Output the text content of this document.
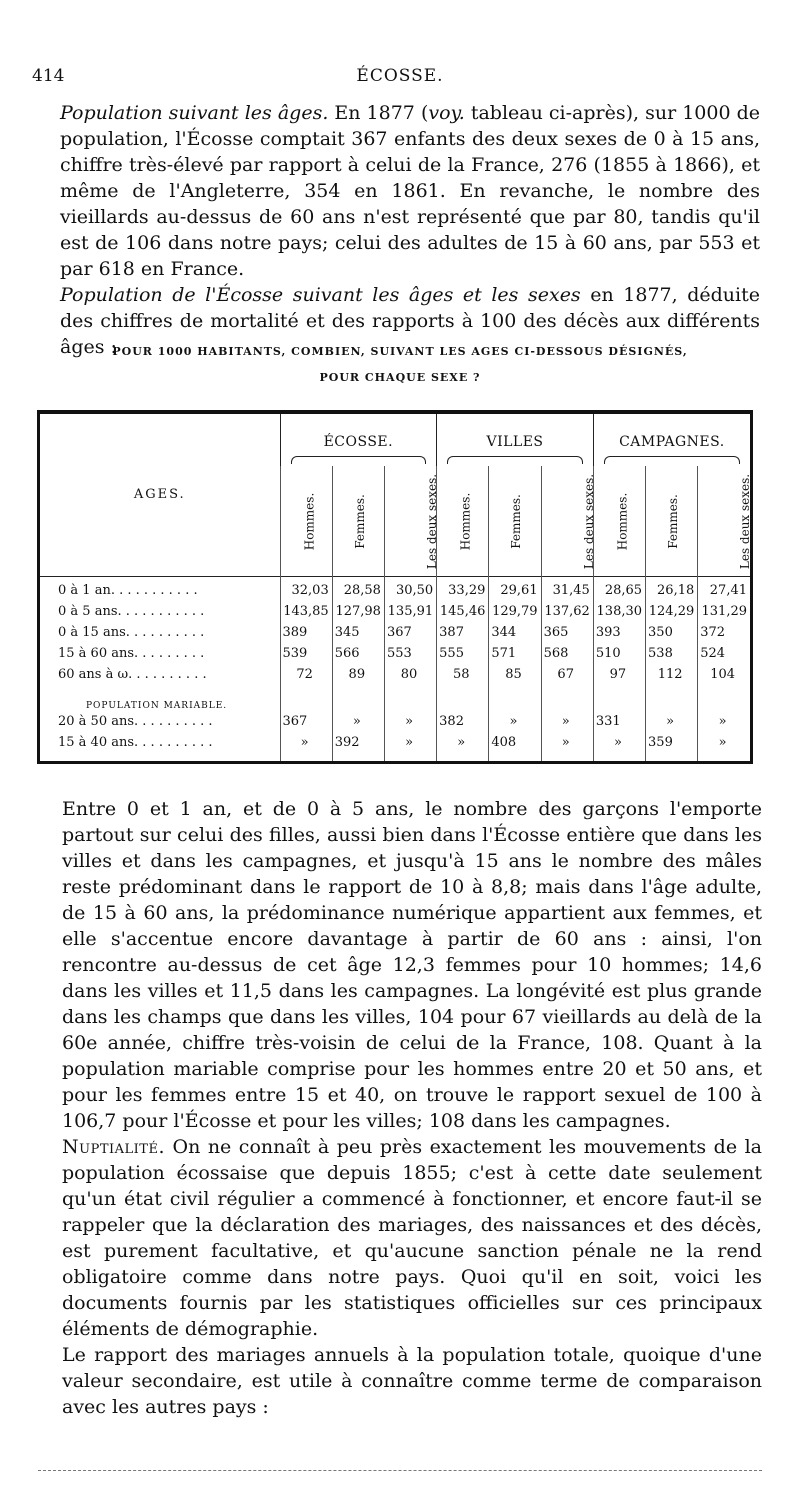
414	ÉCOSSE.

Population suivant les âges. En 1877 (voy. tableau ci-après), sur 1000 de population, l'Écosse comptait 367 enfants des deux sexes de 0 à 15 ans, chiffre très-élevé par rapport à celui de la France, 276 (1855 à 1866), et même de l'Angleterre, 354 en 1861. En revanche, le nombre des vieillards au-dessus de 60 ans n'est représenté que par 80, tandis qu'il est de 106 dans notre pays; celui des adultes de 15 à 60 ans, par 553 et par 618 en France.

Population de l'Écosse suivant les âges et les sexes en 1877, déduite des chiffres de mortalité et des rapports à 100 des décès aux différents âges :

POUR 1000 HABITANTS, COMBIEN, SUIVANT LES AGES CI-DESSOUS DÉSIGNÉS,
POUR CHAQUE SEXE ?
AGES.	ÉCOSSE.			VILLES			CAMPAGNES.		

	Hommes.	Femmes.	Les deux sexes.	Hommes.	Femmes.	Les deux sexes.	Hommes.	Femmes.	Les deux sexes.

0 à 1 an. . . . . . . . . . .	32,03	28,58	30,50	33,29	29,61	31,45	28,65	26,18	27,41
0 à 5 ans. . . . . . . . . . .	143,85	127,98	135,91	145,46	129,79	137,62	138,30	124,29	131,29
0 à 15 ans. . . . . . . . . .	389	345	367	387	344	365	393	350	372
15 à 60 ans. . . . . . . . .	539	566	553	555	571	568	510	538	524
60 ans à ω. . . . . . . . . .	72	89	80	58	85	67	97	112	104
POPULATION MARIABLE.									
20 à 50 ans. . . . . . . . . .	367	»	»	382	»	»	331	»	»
15 à 40 ans. . . . . . . . . .	»	392	»	»	408	»	»	359	»

Entre 0 et 1 an, et de 0 à 5 ans, le nombre des garçons l'emporte partout sur celui des filles, aussi bien dans l'Écosse entière que dans les villes et dans les campagnes, et jusqu'à 15 ans le nombre des mâles reste prédominant dans le rapport de 10 à 8,8; mais dans l'âge adulte, de 15 à 60 ans, la prédominance numérique appartient aux femmes, et elle s'accentue encore davantage à partir de 60 ans : ainsi, l'on rencontre au-dessus de cet âge 12,3 femmes pour 10 hommes; 14,6 dans les villes et 11,5 dans les campagnes. La longévité est plus grande dans les champs que dans les villes, 104 pour 67 vieillards au delà de la 60e année, chiffre très-voisin de celui de la France, 108. Quant à la population mariable comprise pour les hommes entre 20 et 50 ans, et pour les femmes entre 15 et 40, on trouve le rapport sexuel de 100 à 106,7 pour l'Écosse et pour les villes; 108 dans les campagnes.

Nuptialité. On ne connaît à peu près exactement les mouvements de la population écossaise que depuis 1855; c'est à cette date seulement qu'un état civil régulier a commencé à fonctionner, et encore faut-il se rappeler que la déclaration des mariages, des naissances et des décès, est purement facultative, et qu'aucune sanction pénale ne la rend obligatoire comme dans notre pays. Quoi qu'il en soit, voici les documents fournis par les statistiques officielles sur ces principaux éléments de démographie.

Le rapport des mariages annuels à la population totale, quoique d'une valeur secondaire, est utile à connaître comme terme de comparaison avec les autres pays :
